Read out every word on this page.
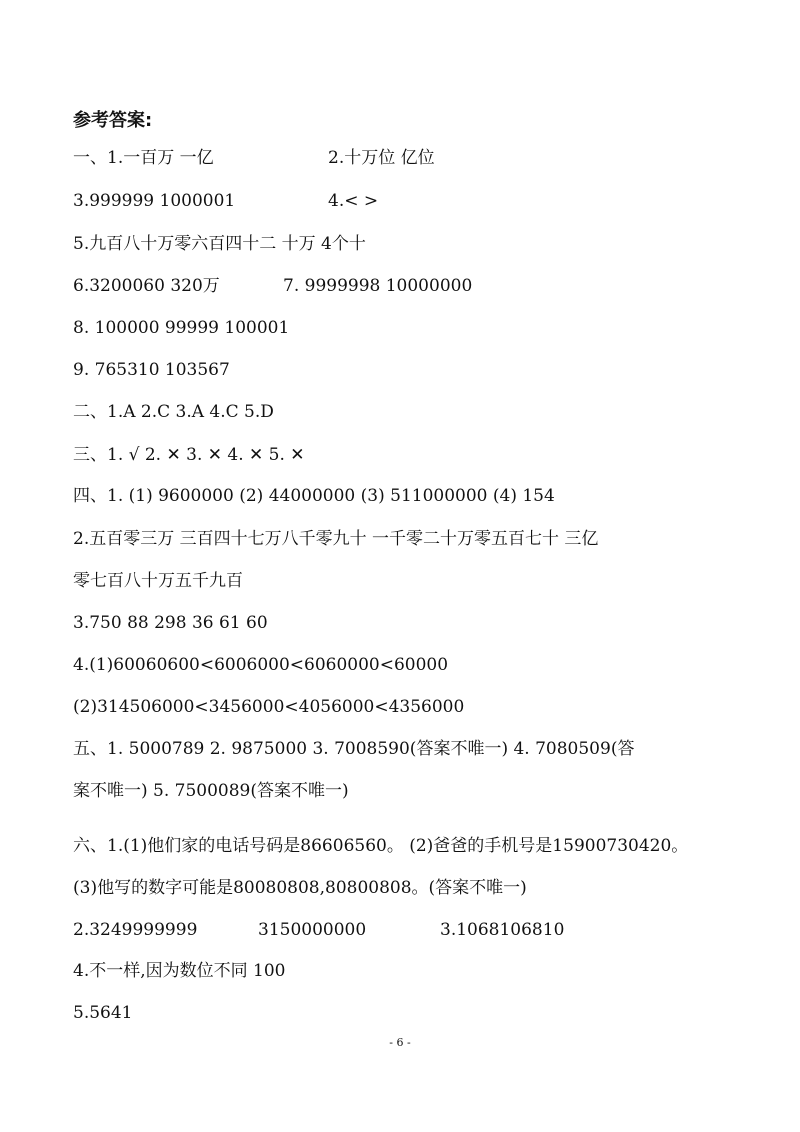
参考答案:
一、1.一百万 一亿	2.十万位 亿位
3.999999 1000001	4.< >
5.九百八十万零六百四十二 十万 4个十
6.3200060 320万	7. 9999998 10000000
8. 100000 99999 100001
9. 765310 103567
二、1.A 2.C 3.A 4.C 5.D
三、1. √ 2. ✕ 3. ✕ 4. ✕ 5. ✕
四、1. (1) 9600000 (2) 44000000 (3) 511000000 (4) 154
2.五百零三万 三百四十七万八千零九十 一千零二十万零五百七十 三亿
零七百八十万五千九百
3.750 88 298 36 61 60
4.(1)60060600<6006000<6060000<60000
(2)314506000<3456000<4056000<4356000
五、1. 5000789 2. 9875000 3. 7008590(答案不唯一) 4. 7080509(答
案不唯一) 5. 7500089(答案不唯一)
六、1.(1)他们家的电话号码是86606560。 (2)爸爸的手机号是15900730420。
(3)他写的数字可能是80080808,80800808。(答案不唯一)
2.3249999999	3150000000	3.1068106810
4.不一样,因为数位不同 100
5.5641
- 6 -
